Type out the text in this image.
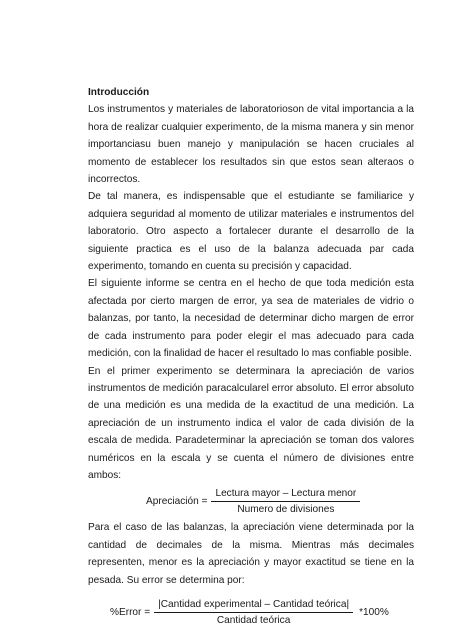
Introducción

Los instrumentos y materiales de laboratorioson de vital importancia a la hora de realizar cualquier experimento, de la misma manera y sin menor importanciasu buen manejo y manipulación se hacen cruciales al momento de establecer los resultados sin que estos sean alteraos o incorrectos.

De tal manera, es indispensable que el estudiante se familiarice y adquiera seguridad al momento de utilizar materiales e instrumentos del laboratorio. Otro aspecto a fortalecer durante el desarrollo de la siguiente practica es el uso de la balanza adecuada par cada experimento, tomando en cuenta su precisión y capacidad.

El siguiente informe se centra en el hecho de que toda medición esta afectada por cierto margen de error, ya sea de materiales de vidrio o balanzas, por tanto, la necesidad de determinar dicho margen de error de cada instrumento para poder elegir el mas adecuado para cada medición, con la finalidad de hacer el resultado lo mas confiable posible.

En el primer experimento se determinara la apreciación de varios instrumentos de medición paracalcularel error absoluto. El error absoluto de una medición es una medida de la exactitud de una medición. La apreciación de un instrumento indica el valor de cada división de la escala de medida. Paradeterminar la apreciación se toman dos valores numéricos en la escala y se cuenta el número de divisiones entre ambos:

Apreciación = $\frac{\text{Lectura mayor – Lectura menor}}{\text{Numero de divisiones}}$

Para el caso de las balanzas, la apreciación viene determinada por la cantidad de decimales de la misma. Mientras más decimales representen, menor es la apreciación y mayor exactitud se tiene en la pesada. Su error se determina por:

%Error = $\frac{\text{|Cantidad experimental – Cantidad teórica|}}{\text{Cantidad teórica}} *100\%$
